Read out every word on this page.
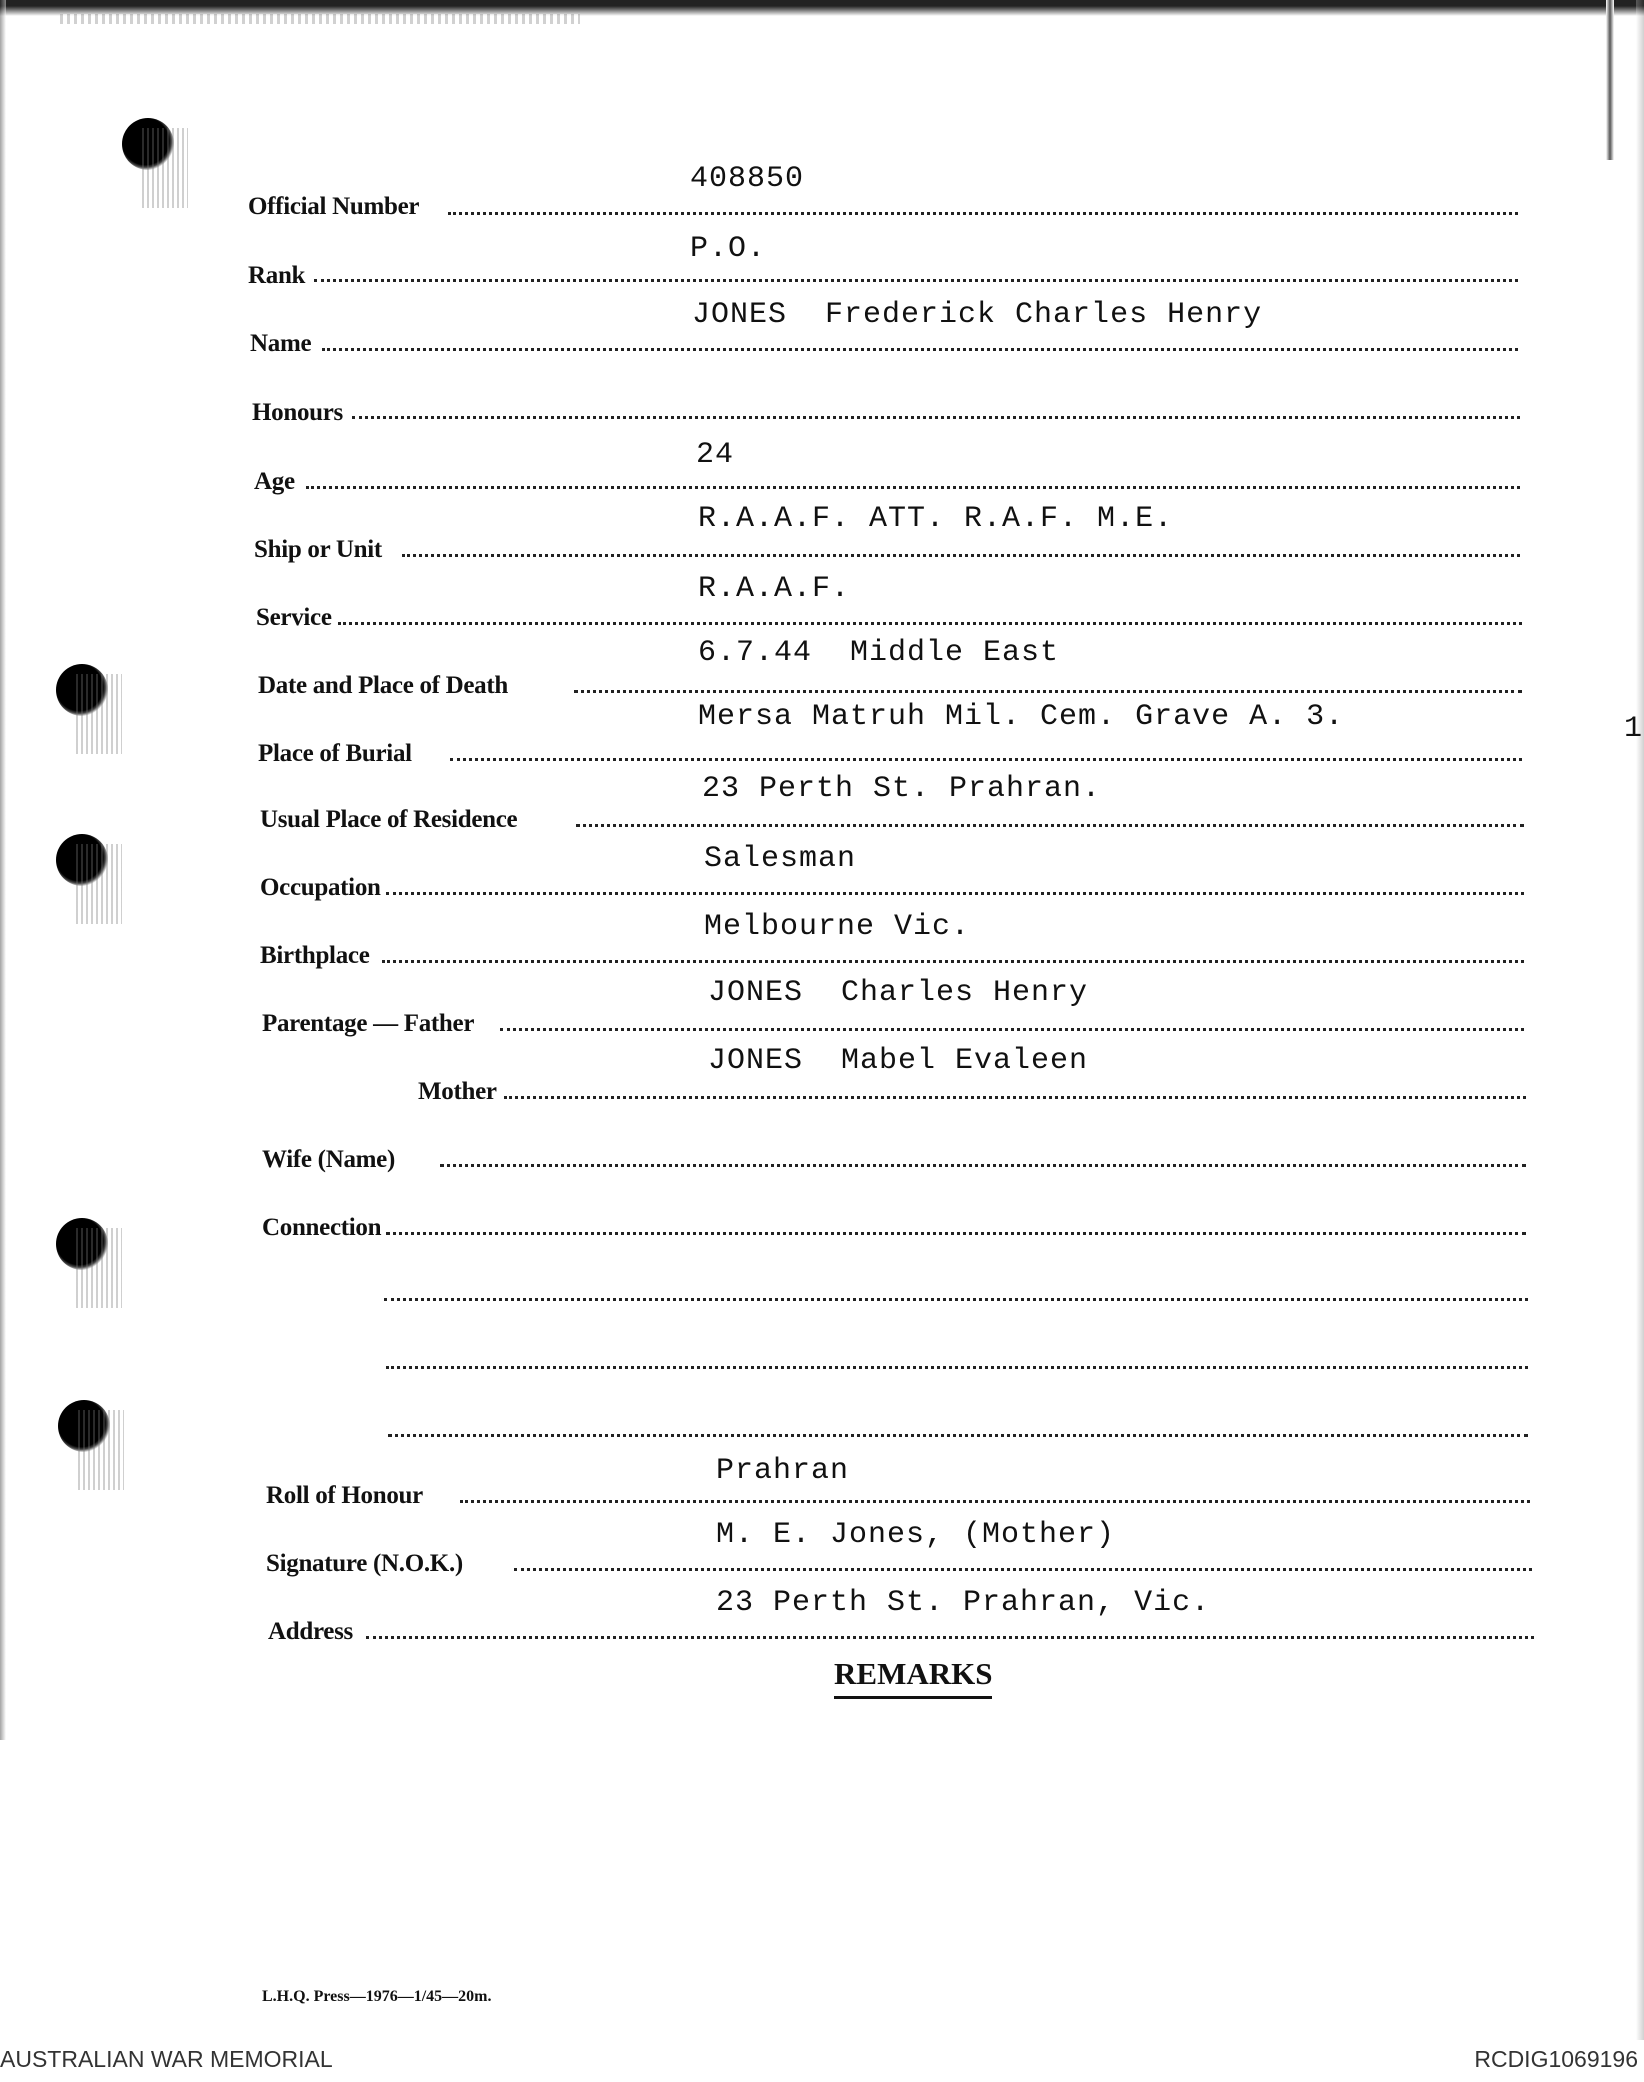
Official Number
408850
Rank
P.O.
Name
JONES  Frederick Charles Henry
Honours
Age
24
Ship or Unit
R.A.A.F. ATT. R.A.F. M.E.
Service
R.A.A.F.
Date and Place of Death
6.7.44  Middle East
Place of Burial
Mersa Matruh Mil. Cem. Grave A. 3.
Usual Place of Residence
23 Perth St. Prahran.
Occupation
Salesman
Birthplace
Melbourne Vic.
Parentage — Father
JONES  Charles Henry
Mother
JONES  Mabel Evaleen
Wife (Name)
Connection
Roll of Honour
Prahran
Signature (N.O.K.)
M. E. Jones, (Mother)
Address
23 Perth St. Prahran, Vic.
REMARKS
1
L.H.Q. Press—1976—1/45—20m.
AUSTRALIAN WAR MEMORIAL	RCDIG1069196
